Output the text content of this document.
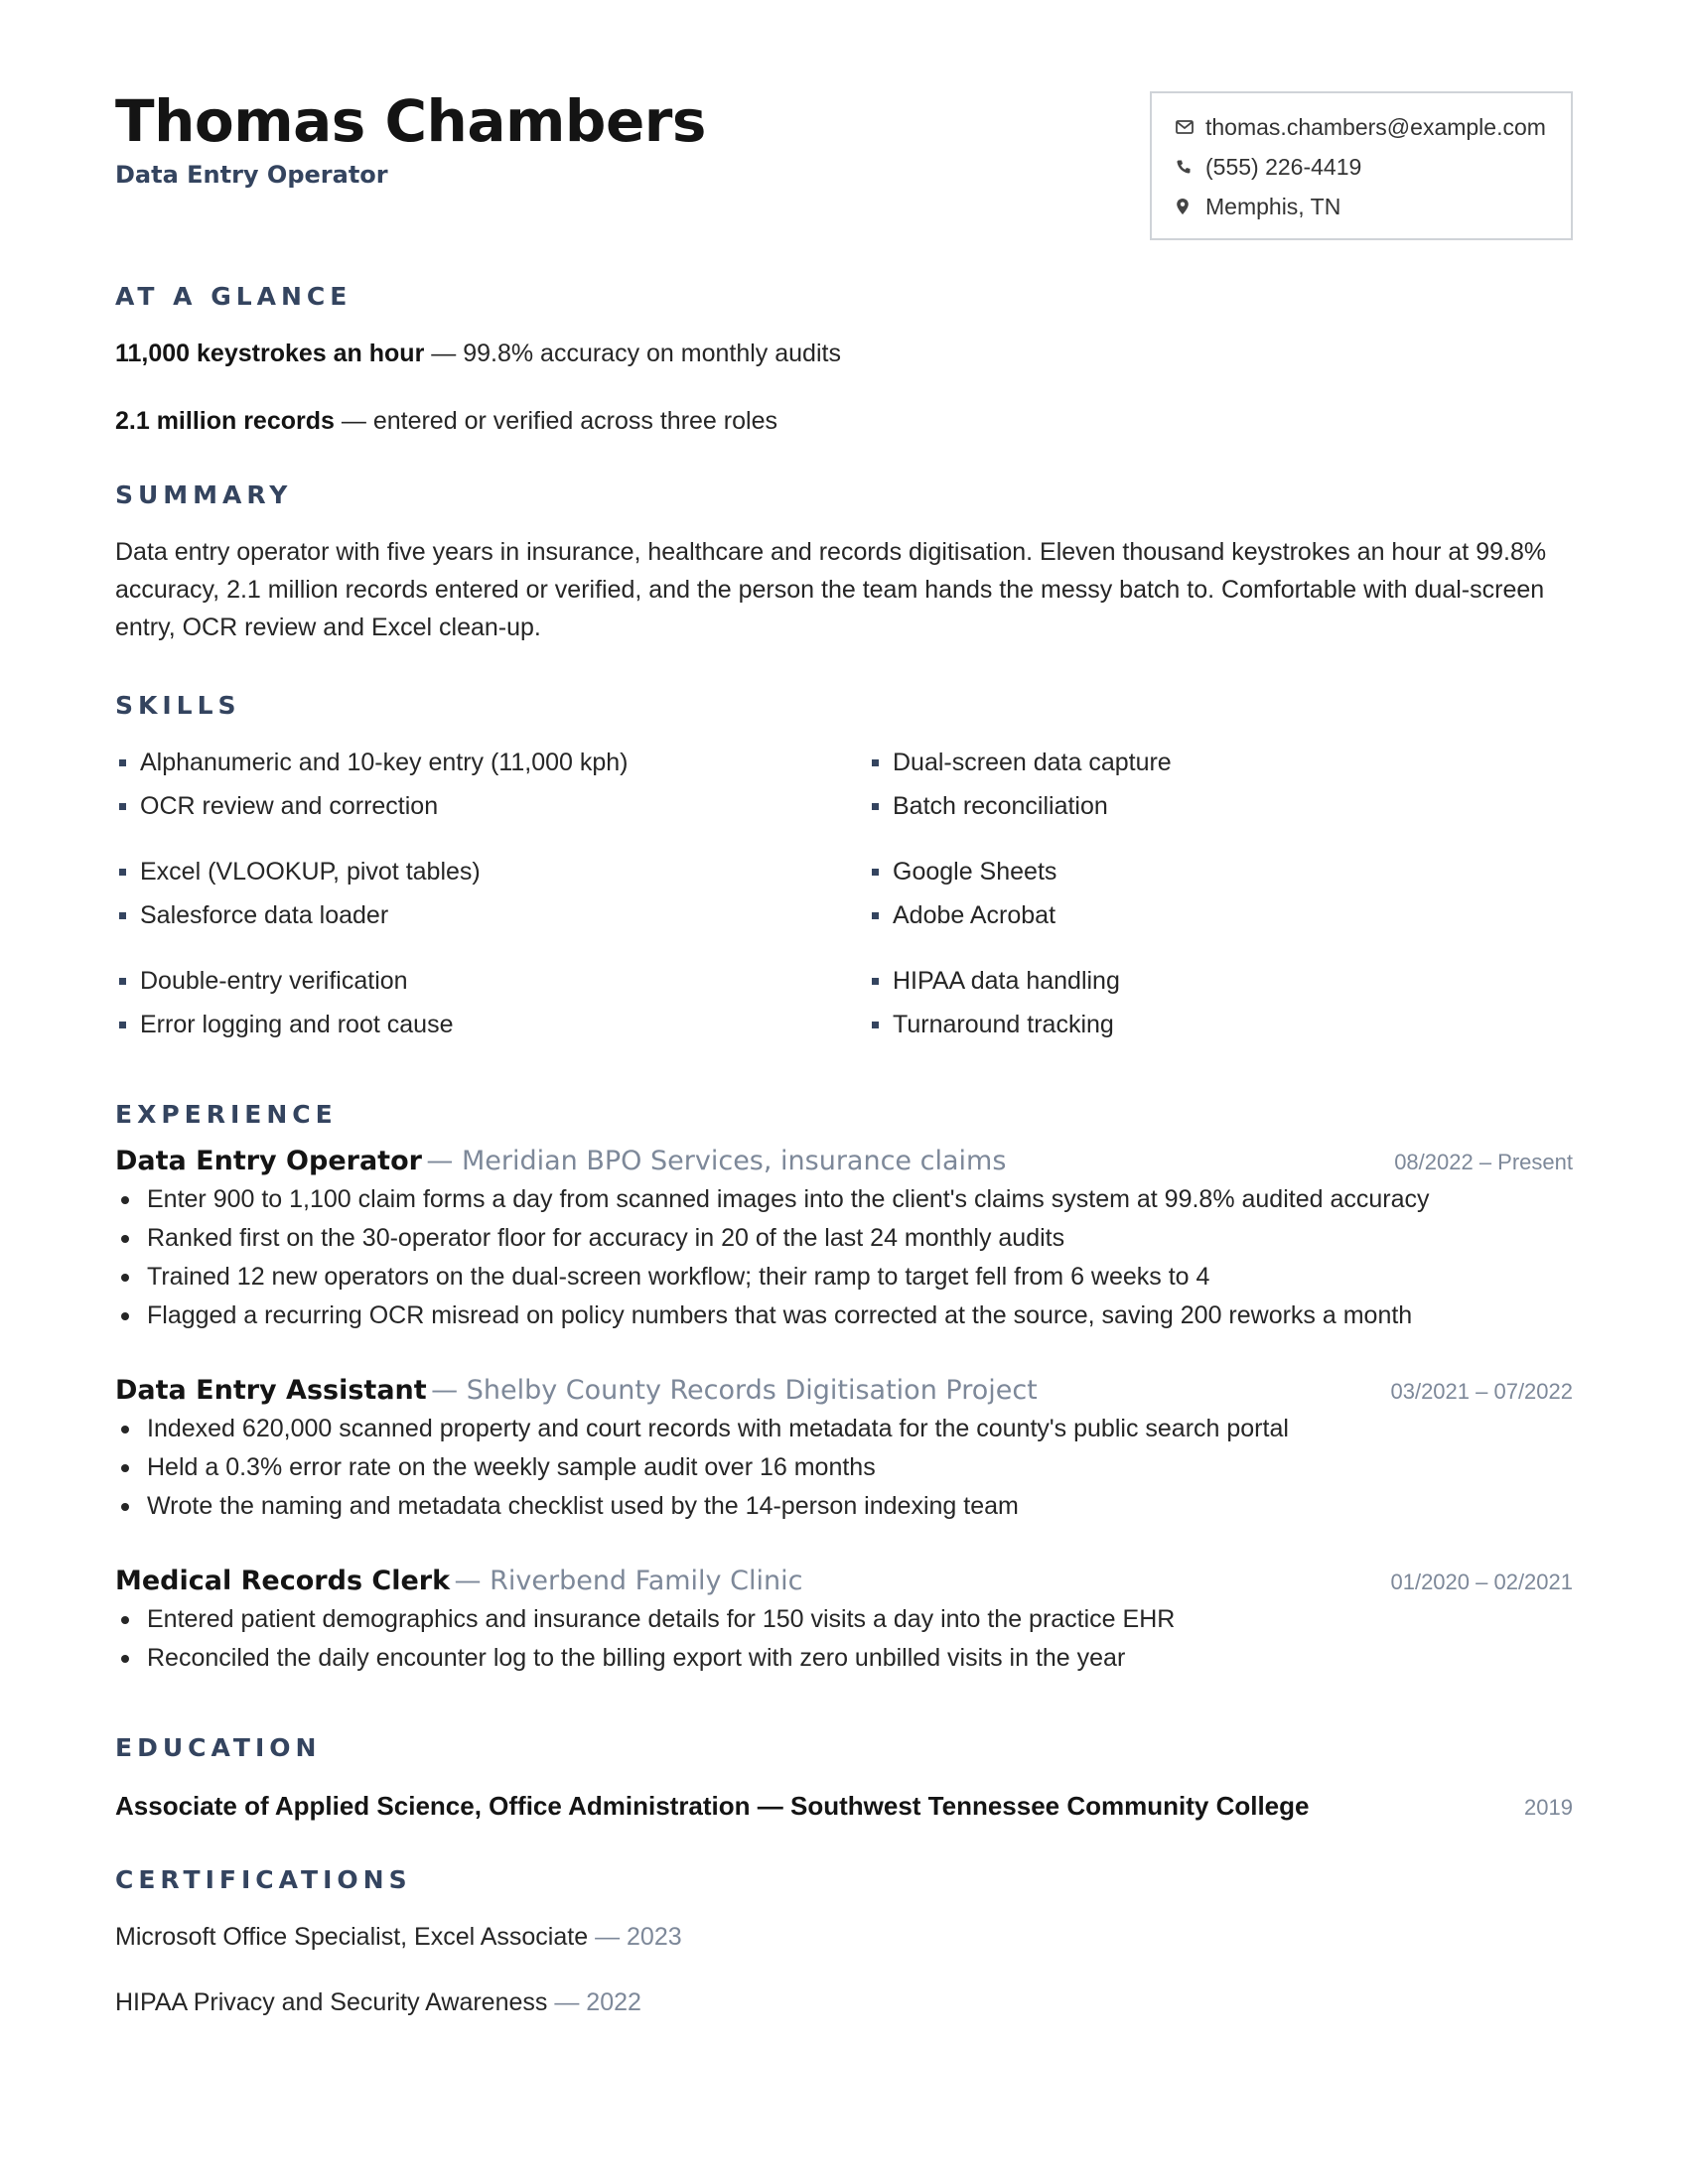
Thomas Chambers
Data Entry Operator
thomas.chambers@example.com
(555) 226-4419
Memphis, TN
AT A GLANCE
11,000 keystrokes an hour — 99.8% accuracy on monthly audits
2.1 million records — entered or verified across three roles
SUMMARY
Data entry operator with five years in insurance, healthcare and records digitisation. Eleven thousand keystrokes an hour at 99.8% accuracy, 2.1 million records entered or verified, and the person the team hands the messy batch to. Comfortable with dual-screen entry, OCR review and Excel clean-up.
SKILLS
Alphanumeric and 10-key entry (11,000 kph)	Dual-screen data capture
OCR review and correction	Batch reconciliation
Excel (VLOOKUP, pivot tables)	Google Sheets
Salesforce data loader	Adobe Acrobat
Double-entry verification	HIPAA data handling
Error logging and root cause	Turnaround tracking
EXPERIENCE
Data Entry Operator — Meridian BPO Services, insurance claims	08/2022 – Present
Enter 900 to 1,100 claim forms a day from scanned images into the client's claims system at 99.8% audited accuracy
Ranked first on the 30-operator floor for accuracy in 20 of the last 24 monthly audits
Trained 12 new operators on the dual-screen workflow; their ramp to target fell from 6 weeks to 4
Flagged a recurring OCR misread on policy numbers that was corrected at the source, saving 200 reworks a month
Data Entry Assistant — Shelby County Records Digitisation Project	03/2021 – 07/2022
Indexed 620,000 scanned property and court records with metadata for the county's public search portal
Held a 0.3% error rate on the weekly sample audit over 16 months
Wrote the naming and metadata checklist used by the 14-person indexing team
Medical Records Clerk — Riverbend Family Clinic	01/2020 – 02/2021
Entered patient demographics and insurance details for 150 visits a day into the practice EHR
Reconciled the daily encounter log to the billing export with zero unbilled visits in the year
EDUCATION
Associate of Applied Science, Office Administration — Southwest Tennessee Community College	2019
CERTIFICATIONS
Microsoft Office Specialist, Excel Associate — 2023
HIPAA Privacy and Security Awareness — 2022
